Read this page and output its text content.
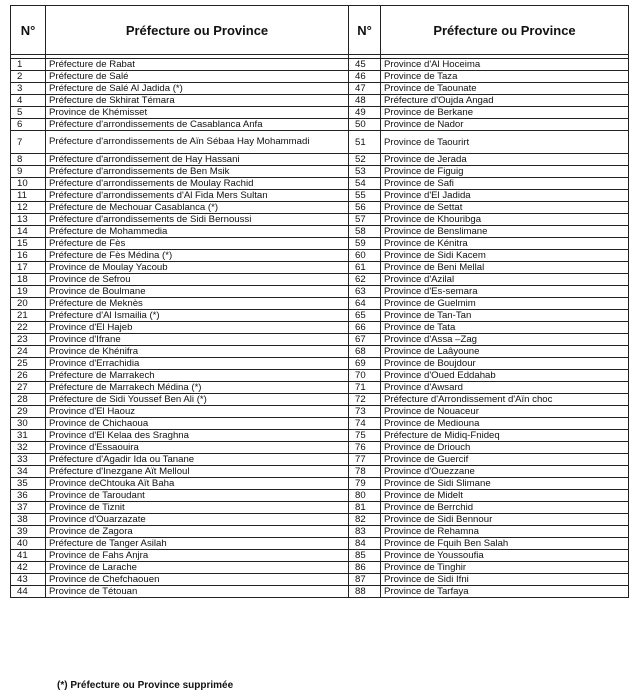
N°	Préfecture ou Province	N°	Préfecture ou Province

1	Préfecture de Rabat	45	Province d'Al Hoceima
2	Préfecture de Salé	46	Province de Taza
3	Préfecture de Salé Al Jadida (*)	47	Province de Taounate
4	Préfecture de Skhirat Témara	48	Préfecture d'Oujda Angad
5	Province de Khémisset	49	Province de Berkane
6	Préfecture d'arrondissements de Casablanca Anfa	50	Province de Nador
7	Préfecture d'arrondissements de Aïn Sébaa Hay Mohammadi	51	Province de Taourirt
8	Préfecture d'arrondissement de Hay Hassani	52	Province de Jerada
9	Préfecture d'arrondissements de Ben Msik	53	Province de Figuig
10	Préfecture d'arrondissements de Moulay Rachid	54	Province de Safi
11	Préfecture d'arrondissements d'Al Fida Mers Sultan	55	Province d'El Jadida
12	Préfecture de Mechouar Casablanca (*)	56	Province de Settat
13	Préfecture d'arrondissements de Sidi Bernoussi	57	Province de Khouribga
14	Préfecture de Mohammedia	58	Province de Benslimane
15	Préfecture de Fès	59	Province de Kénitra
16	Préfecture de Fès Médina (*)	60	Province de Sidi Kacem
17	Province de Moulay Yacoub	61	Province de Beni Mellal
18	Province de Sefrou	62	Province d'Azilal
19	Province de Boulmane	63	Province d'Es-semara
20	Préfecture de Meknès	64	Province de Guelmim
21	Préfecture d'Al Ismailia (*)	65	Province de Tan-Tan
22	Province d'El Hajeb	66	Province de Tata
23	Province d'Ifrane	67	Province d'Assa –Zag
24	Province de Khénifra	68	Province de Laâyoune
25	Province d'Errachidia	69	Province de Boujdour
26	Préfecture de Marrakech	70	Province d'Oued Eddahab
27	Préfecture de Marrakech Médina (*)	71	Province d'Awsard
28	Préfecture de Sidi Youssef Ben Ali (*)	72	Préfecture d'Arrondissement d'Aïn choc
29	Province d'El Haouz	73	Province de Nouaceur
30	Province de Chichaoua	74	Province de Mediouna
31	Province d'El Kelaa des Sraghna	75	Préfecture de Midiq-Fnideq
32	Province d'Essaouira	76	Province de Driouch
33	Préfecture d'Agadir Ida ou Tanane	77	Province de Guercif
34	Préfecture d'Inezgane Aït Melloul	78	Province d'Ouezzane
35	Province deChtouka Aït Baha	79	Province de Sidi Slimane
36	Province de Taroudant	80	Province de Midelt
37	Province de Tiznit	81	Province de Berrchid
38	Province d'Ouarzazate	82	Province de Sidi Bennour
39	Province de Zagora	83	Province de Rehamna
40	Préfecture de Tanger Asilah	84	Province de Fquih Ben Salah
41	Province de Fahs Anjra	85	Province de Youssoufia
42	Province de Larache	86	Province de Tinghir
43	Province de Chefchaouen	87	Province de Sidi Ifni
44	Province de Tétouan	88	Province de Tarfaya
(*) Préfecture ou Province supprimée
